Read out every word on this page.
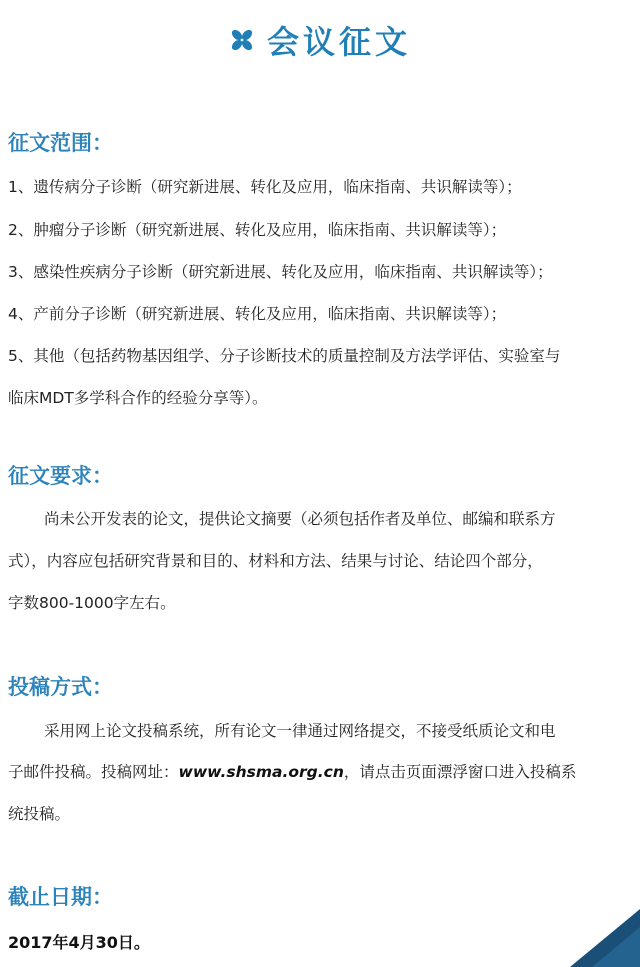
会议征文
征文范围：
1、遗传病分子诊断（研究新进展、转化及应用，临床指南、共识解读等）；
2、肿瘤分子诊断（研究新进展、转化及应用，临床指南、共识解读等）；
3、感染性疾病分子诊断（研究新进展、转化及应用，临床指南、共识解读等）；
4、产前分子诊断（研究新进展、转化及应用，临床指南、共识解读等）；
5、其他（包括药物基因组学、分子诊断技术的质量控制及方法学评估、实验室与
临床MDT多学科合作的经验分享等）。
征文要求：
尚未公开发表的论文，提供论文摘要（必须包括作者及单位、邮编和联系方
式），内容应包括研究背景和目的、材料和方法、结果与讨论、结论四个部分，
字数800-1000字左右。
投稿方式：
采用网上论文投稿系统，所有论文一律通过网络提交，不接受纸质论文和电
子邮件投稿。投稿网址：www.shsma.org.cn，请点击页面漂浮窗口进入投稿系
统投稿。
截止日期：
2017年4月30日。
